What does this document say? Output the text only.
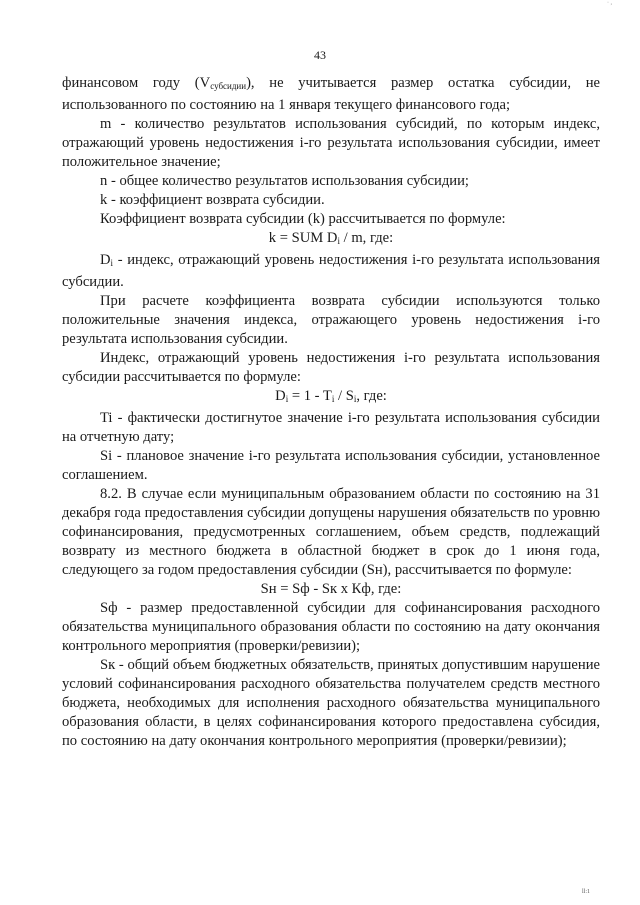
· ,
43

финансовом году $(V_{субсидии})$, не учитывается размер остатка субсидии, не использованного по состоянию на 1 января текущего финансового года;

m - количество результатов использования субсидий, по которым индекс, отражающий уровень недостижения i-го результата использования субсидии, имеет положительное значение;

n - общее количество результатов использования субсидии;

k - коэффициент возврата субсидии.

Коэффициент возврата субсидии (k) рассчитывается по формуле:

k = SUM $D_i$ / m, где:

$D_i$ - индекс, отражающий уровень недостижения i-го результата использования субсидии.

При расчете коэффициента возврата субсидии используются только положительные значения индекса, отражающего уровень недостижения i-го результата использования субсидии.

Индекс, отражающий уровень недостижения i-го результата использования субсидии рассчитывается по формуле:

$D_i = 1 - T_i / S_i$, где:

Ti - фактически достигнутое значение i-го результата использования субсидии на отчетную дату;

Si - плановое значение i-го результата использования субсидии, установленное соглашением.

8.2. В случае если муниципальным образованием области по состоянию на 31 декабря года предоставления субсидии допущены нарушения обязательств по уровню софинансирования, предусмотренных соглашением, объем средств, подлежащий возврату из местного бюджета в областной бюджет в срок до 1 июня года, следующего за годом предоставления субсидии (Sн), рассчитывается по формуле:

Sн = Sф - Sк х Кф, где:

Sф - размер предоставленной субсидии для софинансирования расходного обязательства муниципального образования области по состоянию на дату окончания контрольного мероприятия (проверки/ревизии);

Sк - общий объем бюджетных обязательств, принятых допустившим нарушение условий софинансирования расходного обязательства получателем средств местного бюджета, необходимых для исполнения расходного обязательства муниципального образования области, в целях софинансирования которого предоставлена субсидия, по состоянию на дату окончания контрольного мероприятия (проверки/ревизии);

ll:1
